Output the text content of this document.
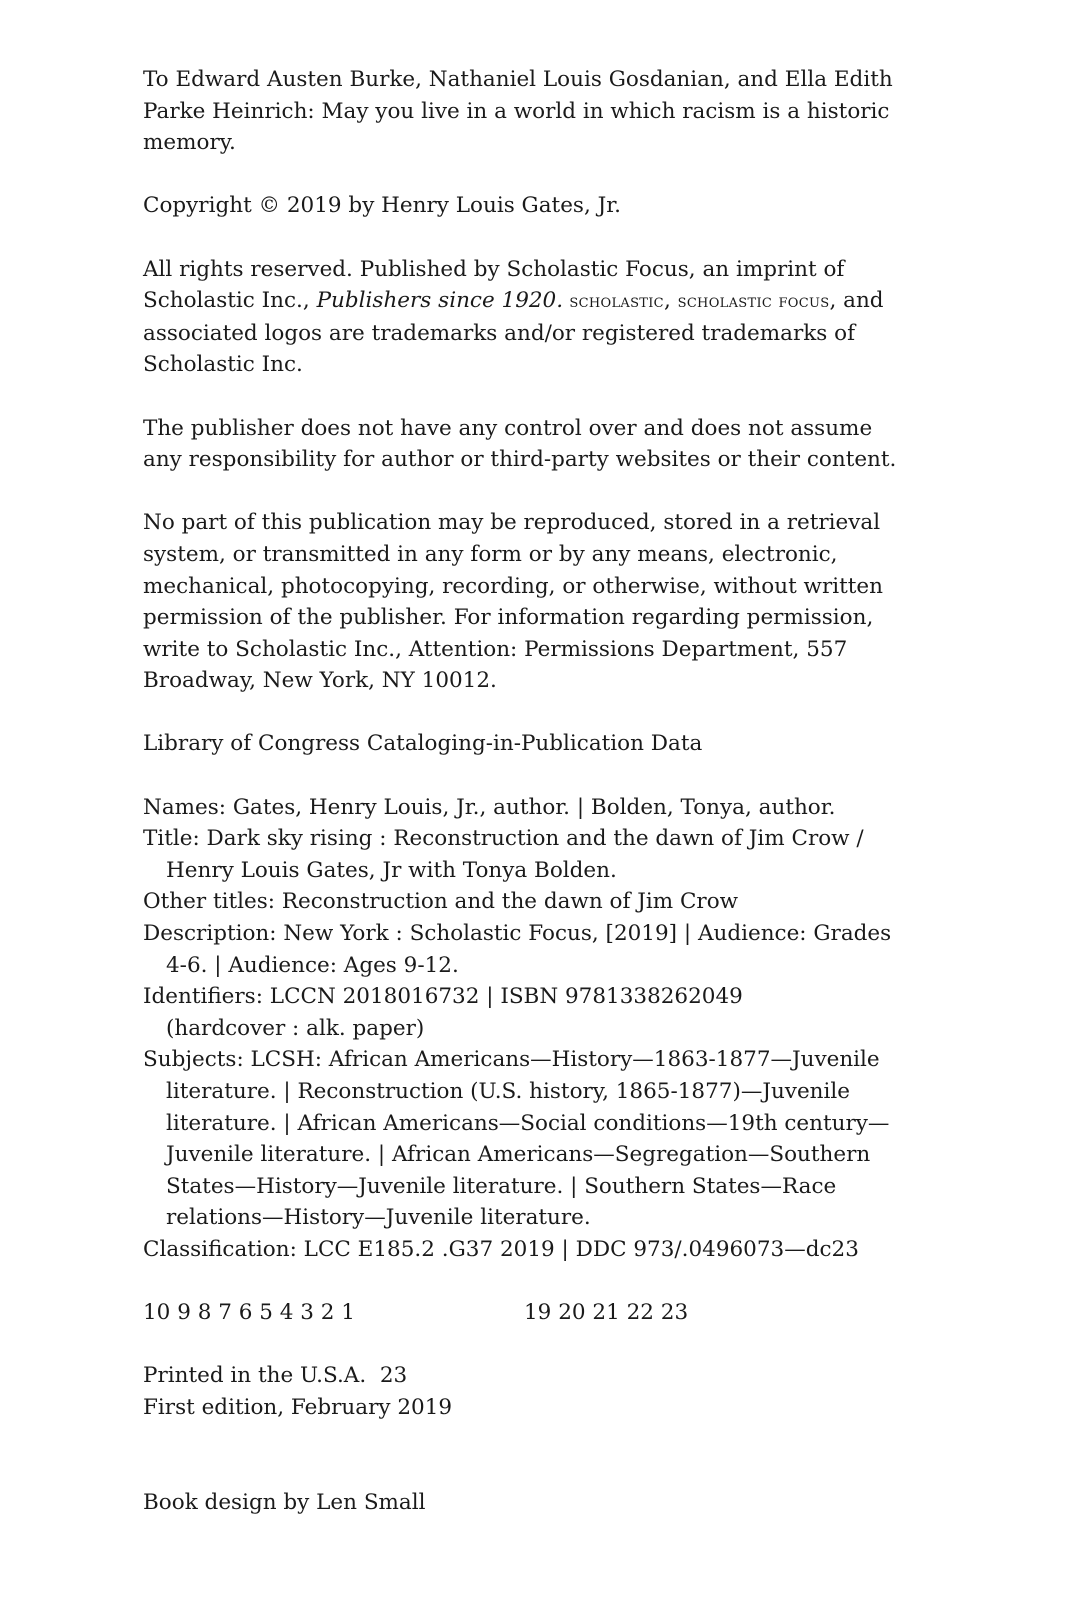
To Edward Austen Burke, Nathaniel Louis Gosdanian, and Ella Edith
Parke Heinrich: May you live in a world in which racism is a historic
memory.
Copyright © 2019 by Henry Louis Gates, Jr.
All rights reserved. Published by Scholastic Focus, an imprint of
Scholastic Inc., Publishers since 1920. scholastic, scholastic focus, and
associated logos are trademarks and/or registered trademarks of
Scholastic Inc.
The publisher does not have any control over and does not assume
any responsibility for author or third-party websites or their content.
No part of this publication may be reproduced, stored in a retrieval
system, or transmitted in any form or by any means, electronic,
mechanical, photocopying, recording, or otherwise, without written
permission of the publisher. For information regarding permission,
write to Scholastic Inc., Attention: Permissions Department, 557
Broadway, New York, NY 10012.
Library of Congress Cataloging-in-Publication Data
Names: Gates, Henry Louis, Jr., author. | Bolden, Tonya, author.
Title: Dark sky rising : Reconstruction and the dawn of Jim Crow /
Henry Louis Gates, Jr with Tonya Bolden.
Other titles: Reconstruction and the dawn of Jim Crow
Description: New York : Scholastic Focus, [2019] | Audience: Grades
4-6. | Audience: Ages 9-12.
Identifiers: LCCN 2018016732 | ISBN 9781338262049
(hardcover : alk. paper)
Subjects: LCSH: African Americans—History—1863-1877—Juvenile
literature. | Reconstruction (U.S. history, 1865-1877)—Juvenile
literature. | African Americans—Social conditions—19th century—
Juvenile literature. | African Americans—Segregation—Southern
States—History—Juvenile literature. | Southern States—Race
relations—History—Juvenile literature.
Classification: LCC E185.2 .G37 2019 | DDC 973/.0496073—dc23
10 9 8 7 6 5 4 3 2 1	19 20 21 22 23
Printed in the U.S.A.  23
First edition, February 2019
Book design by Len Small
